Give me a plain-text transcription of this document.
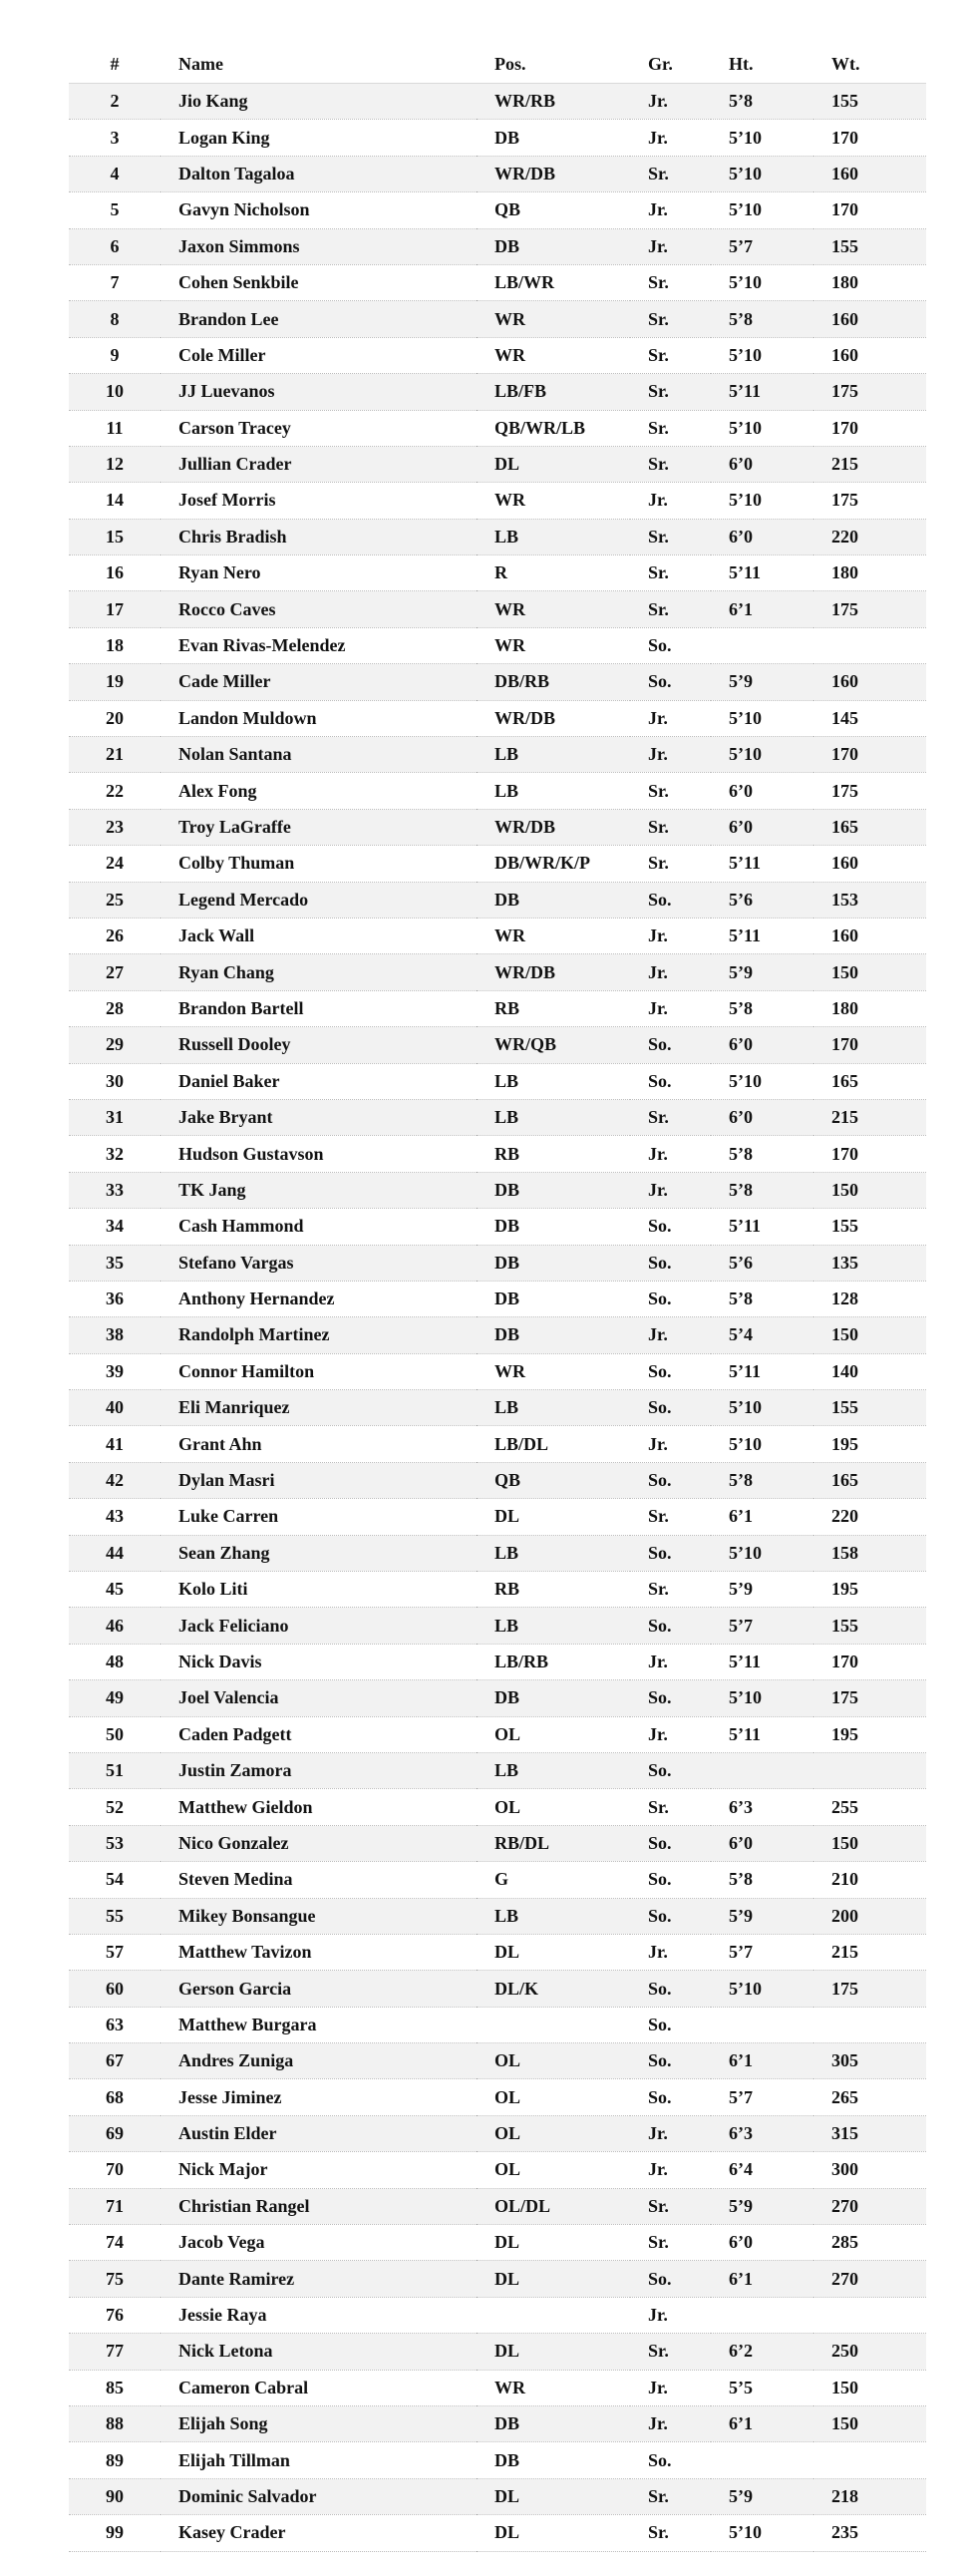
#	Name	Pos.	Gr.	Ht.	Wt.
2	Jio Kang	WR/RB	Jr.	5’8	155
3	Logan King	DB	Jr.	5’10	170
4	Dalton Tagaloa	WR/DB	Sr.	5’10	160
5	Gavyn Nicholson	QB	Jr.	5’10	170
6	Jaxon Simmons	DB	Jr.	5’7	155
7	Cohen Senkbile	LB/WR	Sr.	5’10	180
8	Brandon Lee	WR	Sr.	5’8	160
9	Cole Miller	WR	Sr.	5’10	160
10	JJ Luevanos	LB/FB	Sr.	5’11	175
11	Carson Tracey	QB/WR/LB	Sr.	5’10	170
12	Jullian Crader	DL	Sr.	6’0	215
14	Josef Morris	WR	Jr.	5’10	175
15	Chris Bradish	LB	Sr.	6’0	220
16	Ryan Nero	R	Sr.	5’11	180
17	Rocco Caves	WR	Sr.	6’1	175
18	Evan Rivas-Melendez	WR	So.		
19	Cade Miller	DB/RB	So.	5’9	160
20	Landon Muldown	WR/DB	Jr.	5’10	145
21	Nolan Santana	LB	Jr.	5’10	170
22	Alex Fong	LB	Sr.	6’0	175
23	Troy LaGraffe	WR/DB	Sr.	6’0	165
24	Colby Thuman	DB/WR/K/P	Sr.	5’11	160
25	Legend Mercado	DB	So.	5’6	153
26	Jack Wall	WR	Jr.	5’11	160
27	Ryan Chang	WR/DB	Jr.	5’9	150
28	Brandon Bartell	RB	Jr.	5’8	180
29	Russell Dooley	WR/QB	So.	6’0	170
30	Daniel Baker	LB	So.	5’10	165
31	Jake Bryant	LB	Sr.	6’0	215
32	Hudson Gustavson	RB	Jr.	5’8	170
33	TK Jang	DB	Jr.	5’8	150
34	Cash Hammond	DB	So.	5’11	155
35	Stefano Vargas	DB	So.	5’6	135
36	Anthony Hernandez	DB	So.	5’8	128
38	Randolph Martinez	DB	Jr.	5’4	150
39	Connor Hamilton	WR	So.	5’11	140
40	Eli Manriquez	LB	So.	5’10	155
41	Grant Ahn	LB/DL	Jr.	5’10	195
42	Dylan Masri	QB	So.	5’8	165
43	Luke Carren	DL	Sr.	6’1	220
44	Sean Zhang	LB	So.	5’10	158
45	Kolo Liti	RB	Sr.	5’9	195
46	Jack Feliciano	LB	So.	5’7	155
48	Nick Davis	LB/RB	Jr.	5’11	170
49	Joel Valencia	DB	So.	5’10	175
50	Caden Padgett	OL	Jr.	5’11	195
51	Justin Zamora	LB	So.		
52	Matthew Gieldon	OL	Sr.	6’3	255
53	Nico Gonzalez	RB/DL	So.	6’0	150
54	Steven Medina	G	So.	5’8	210
55	Mikey Bonsangue	LB	So.	5’9	200
57	Matthew Tavizon	DL	Jr.	5’7	215
60	Gerson Garcia	DL/K	So.	5’10	175
63	Matthew Burgara		So.		
67	Andres Zuniga	OL	So.	6’1	305
68	Jesse Jiminez	OL	So.	5’7	265
69	Austin Elder	OL	Jr.	6’3	315
70	Nick Major	OL	Jr.	6’4	300
71	Christian Rangel	OL/DL	Sr.	5’9	270
74	Jacob Vega	DL	Sr.	6’0	285
75	Dante Ramirez	DL	So.	6’1	270
76	Jessie Raya		Jr.		
77	Nick Letona	DL	Sr.	6’2	250
85	Cameron Cabral	WR	Jr.	5’5	150
88	Elijah Song	DB	Jr.	6’1	150
89	Elijah Tillman	DB	So.		
90	Dominic Salvador	DL	Sr.	5’9	218
99	Kasey Crader	DL	Sr.	5’10	235
